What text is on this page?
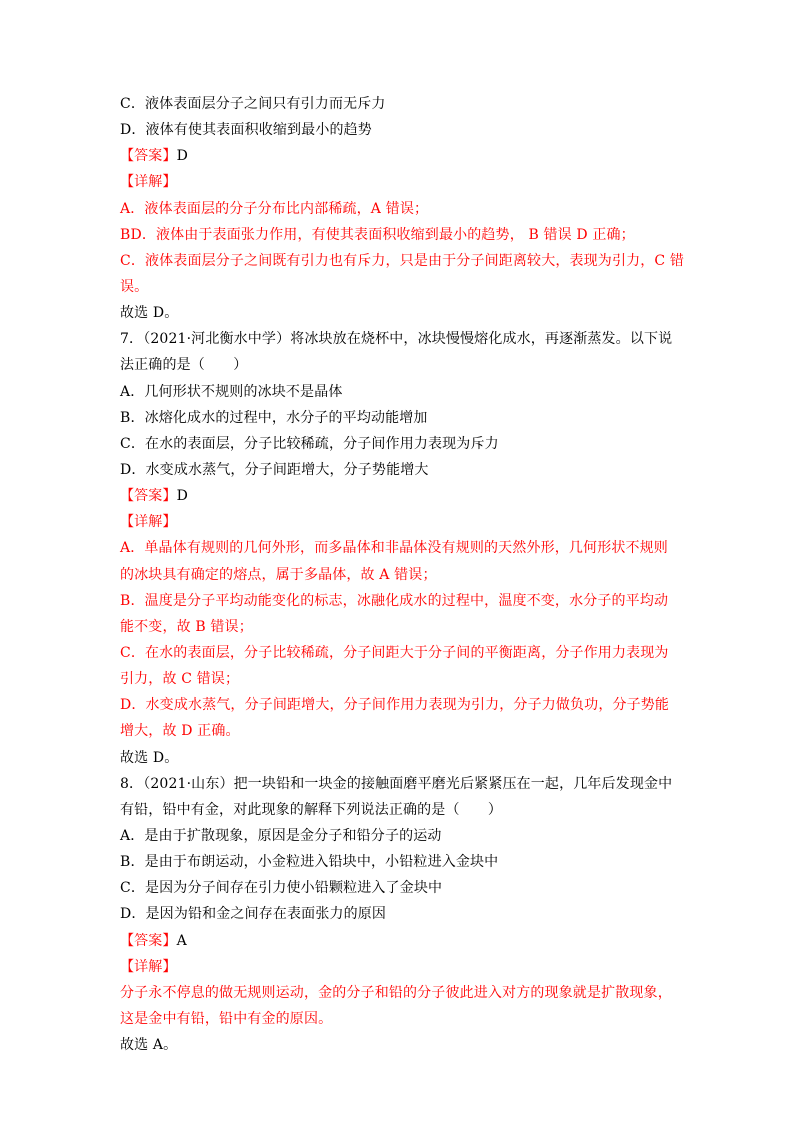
C．液体表面层分子之间只有引力而无斥力
D．液体有使其表面积收缩到最小的趋势
【答案】D
【详解】
A．液体表面层的分子分布比内部稀疏，A 错误；
BD．液体由于表面张力作用，有使其表面积收缩到最小的趋势， B 错误 D 正确；
C．液体表面层分子之间既有引力也有斥力，只是由于分子间距离较大，表现为引力，C 错
误。
故选 D。
7．（2021·河北衡水中学）将冰块放在烧杯中，冰块慢慢熔化成水，再逐渐蒸发。以下说
法正确的是（　　）
A．几何形状不规则的冰块不是晶体
B．冰熔化成水的过程中，水分子的平均动能增加
C．在水的表面层，分子比较稀疏，分子间作用力表现为斥力
D．水变成水蒸气，分子间距增大，分子势能增大
【答案】D
【详解】
A．单晶体有规则的几何外形，而多晶体和非晶体没有规则的天然外形，几何形状不规则
的冰块具有确定的熔点，属于多晶体，故 A 错误；
B．温度是分子平均动能变化的标志，冰融化成水的过程中，温度不变，水分子的平均动
能不变，故 B 错误；
C．在水的表面层，分子比较稀疏，分子间距大于分子间的平衡距离，分子作用力表现为
引力，故 C 错误；
D．水变成水蒸气，分子间距增大，分子间作用力表现为引力，分子力做负功，分子势能
增大，故 D 正确。
故选 D。
8．（2021·山东）把一块铅和一块金的接触面磨平磨光后紧紧压在一起，几年后发现金中
有铅，铅中有金，对此现象的解释下列说法正确的是（　　）
A．是由于扩散现象，原因是金分子和铅分子的运动
B．是由于布朗运动，小金粒进入铅块中，小铅粒进入金块中
C．是因为分子间存在引力使小铅颗粒进入了金块中
D．是因为铅和金之间存在表面张力的原因
【答案】A
【详解】
分子永不停息的做无规则运动，金的分子和铅的分子彼此进入对方的现象就是扩散现象，
这是金中有铅，铅中有金的原因。
故选 A。
